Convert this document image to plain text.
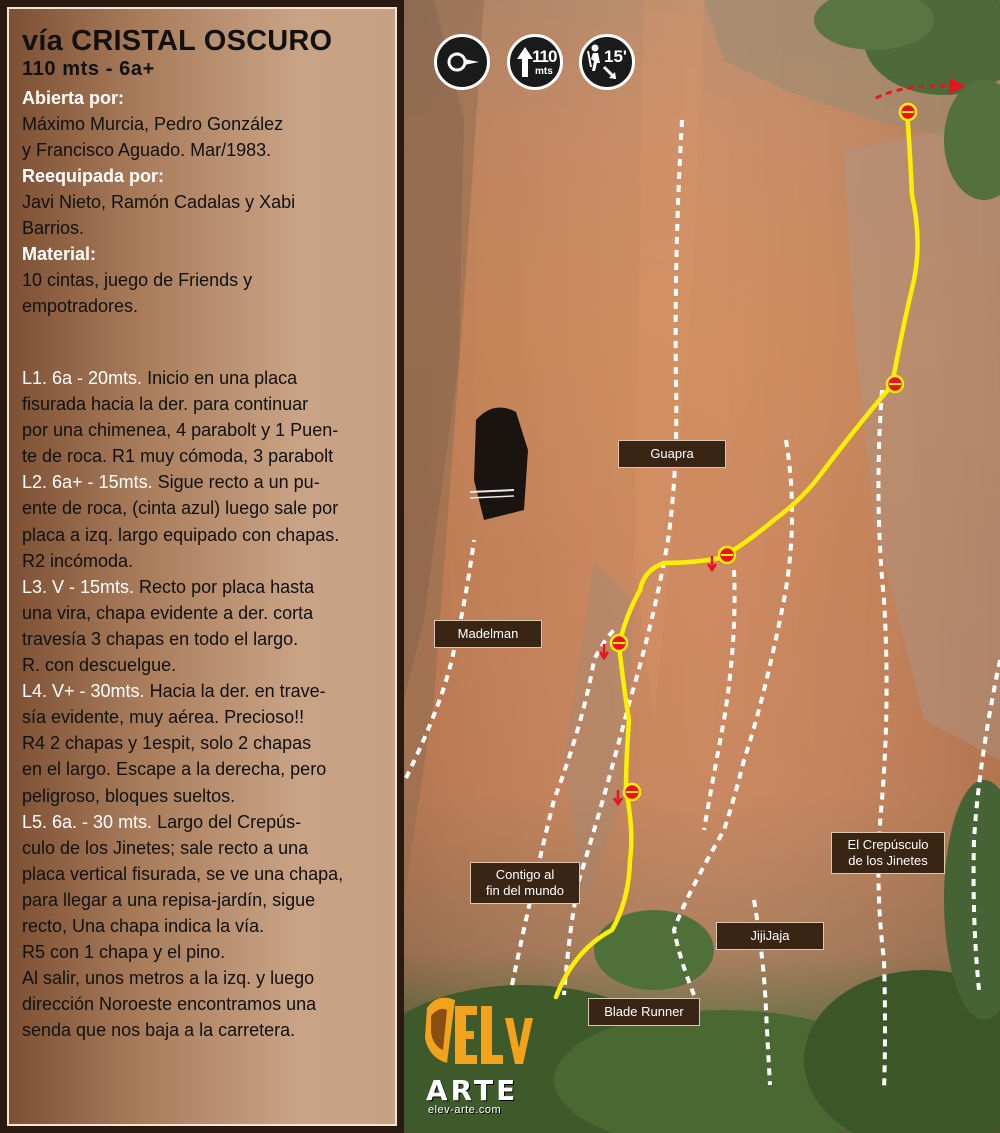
vía CRISTAL OSCURO
110 mts - 6a+
Abierta por:
Máximo Murcia, Pedro González
y Francisco Aguado. Mar/1983.
Reequipada por:
Javi Nieto, Ramón Cadalas y Xabi
Barrios.
Material:
10 cintas, juego de Friends y
empotradores.
L1. 6a - 20mts. Inicio en una placa
fisurada hacia la der. para continuar
por una chimenea, 4 parabolt y 1 Puen-
te de roca. R1 muy cómoda, 3 parabolt
L2. 6a+ - 15mts. Sigue recto a un pu-
ente de roca, (cinta azul) luego sale por
placa a izq. largo equipado con chapas.
R2 incómoda.
L3. V - 15mts. Recto por placa hasta
una vira, chapa evidente a der. corta
travesía 3 chapas en todo el largo.
R. con descuelgue.
L4. V+ - 30mts. Hacia la der. en trave-
sía evidente, muy aérea. Precioso!!
R4 2 chapas y 1espit, solo 2 chapas
en el largo. Escape a la derecha, pero
peligroso, bloques sueltos.
L5. 6a. - 30 mts. Largo del Crepús-
culo de los Jinetes; sale recto a una
placa vertical fisurada, se ve una chapa,
para llegar a una repisa-jardín, sigue
recto, Una chapa indica la vía.
R5 con 1 chapa y el pino.
Al salir, unos metros a la izq. y luego
dirección Noroeste encontramos una
senda que nos baja a la carretera.
Guapra
Madelman
Contigo al
fin del mundo
El Crepúsculo
de los Jinetes
JijiJaja
Blade Runner
110
mts
15'
ARTE
elev-arte.com
